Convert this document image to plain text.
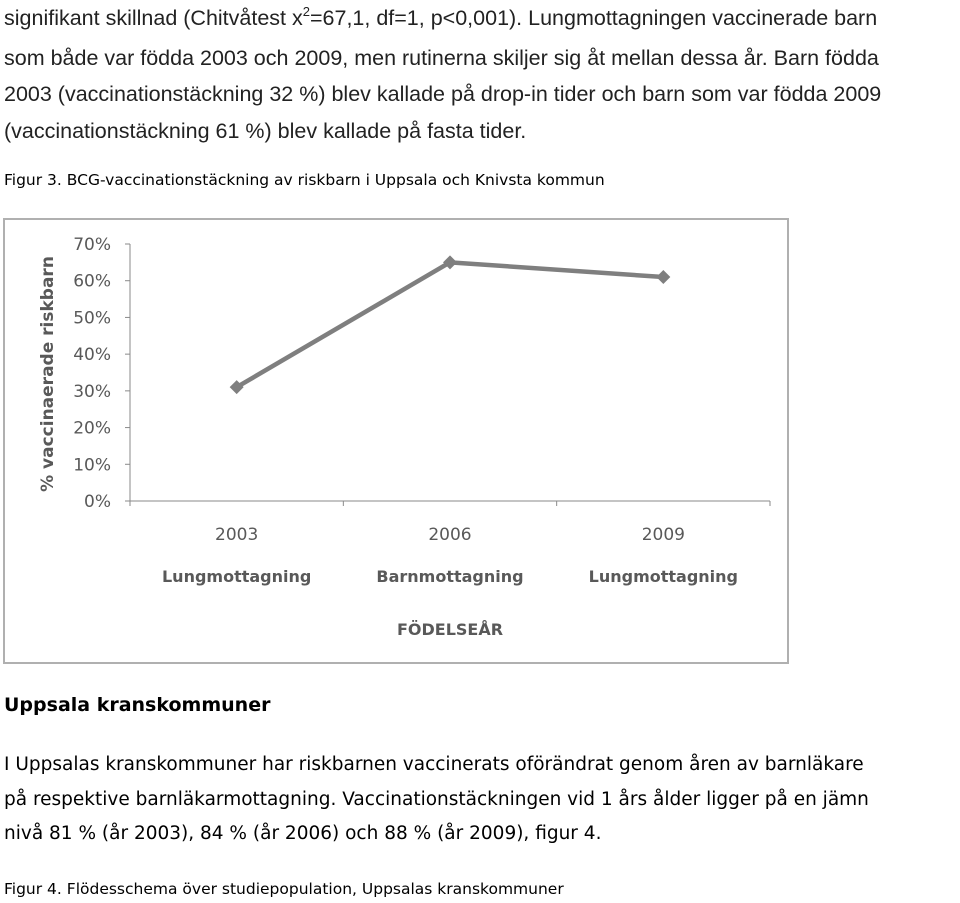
signifikant skillnad (Chitvåtest $x^2=67,1$, df=1, p<0,001). Lungmottagningen vaccinerade barn
som både var födda 2003 och 2009, men rutinerna skiljer sig åt mellan dessa år. Barn födda
2003 (vaccinationstäckning 32 %) blev kallade på drop-in tider och barn som var födda 2009
(vaccinationstäckning 61 %) blev kallade på fasta tider.
Figur 3. BCG-vaccinationstäckning av riskbarn i Uppsala och Knivsta kommun
0%
10%
20%
30%
40%
50%
60%
70%
2003
Lungmottagning
2006
Barnmottagning
2009
Lungmottagning
FÖDELSEÅR
% vaccinaerade riskbarn
Uppsala kranskommuner
I Uppsalas kranskommuner har riskbarnen vaccinerats oförändrat genom åren av barnläkare
på respektive barnläkarmottagning. Vaccinationstäckningen vid 1 års ålder ligger på en jämn
nivå 81 % (år 2003), 84 % (år 2006) och 88 % (år 2009), figur 4.
Figur 4. Flödesschema över studiepopulation, Uppsalas kranskommuner
